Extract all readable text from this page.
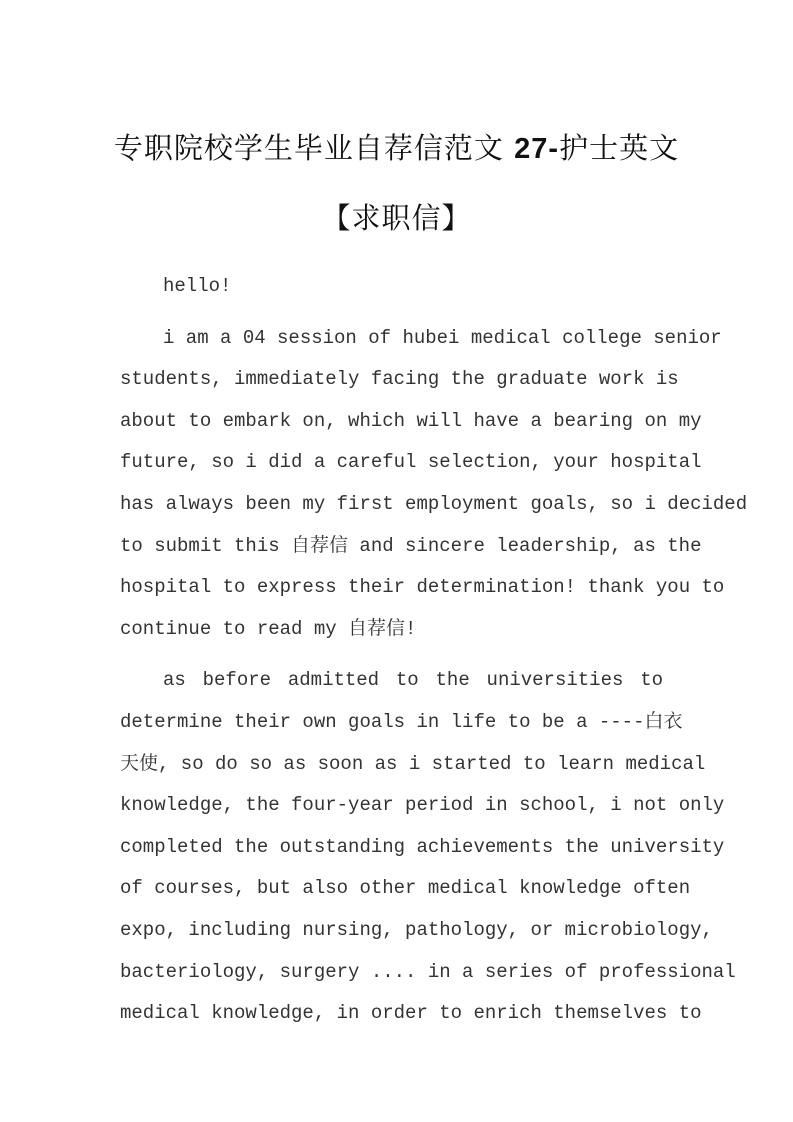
专职院校学生毕业自荐信范文 27-护士英文
【求职信】
hello!
i am a 04 session of hubei medical college senior
students, immediately facing the graduate work is
about to embark on, which will have a bearing on my
future, so i did a careful selection, your hospital
has always been my first employment goals, so i decided
to submit this 自荐信 and sincere leadership, as the
hospital to express their determination! thank you to
continue to read my 自荐信!
as before admitted to the universities to
determine their own goals in life to be a ----白衣
天使, so do so as soon as i started to learn medical
knowledge, the four-year period in school, i not only
completed the outstanding achievements the university
of courses, but also other medical knowledge often
expo, including nursing, pathology, or microbiology,
bacteriology, surgery .... in a series of professional
medical knowledge, in order to enrich themselves to
